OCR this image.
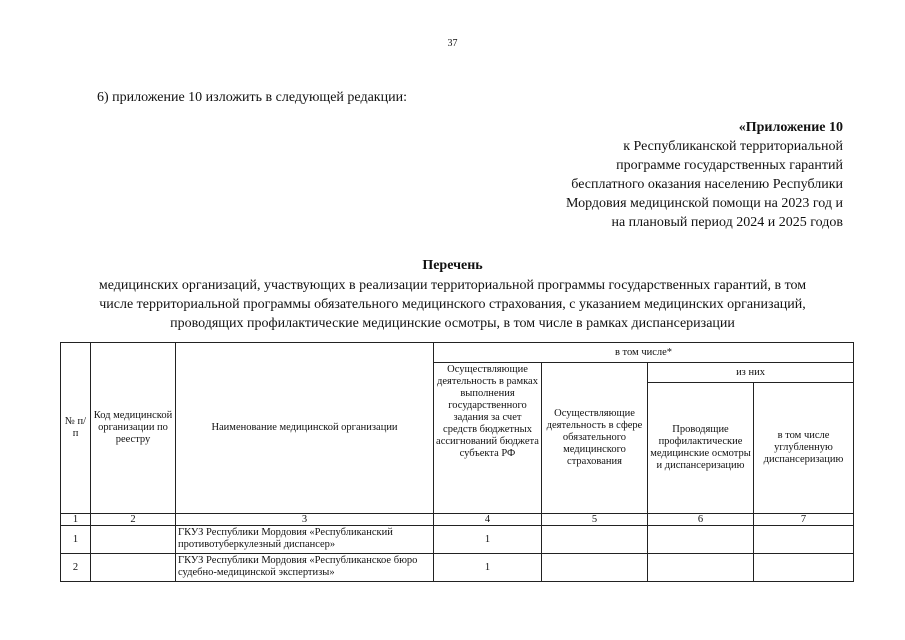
37
6) приложение 10 изложить в следующей редакции:
«Приложение 10
к Республиканской территориальной
программе государственных гарантий
бесплатного оказания населению Республики
Мордовия медицинской помощи на 2023 год и
на плановый период 2024 и 2025 годов
Перечень
медицинских организаций, участвующих в реализации территориальной программы государственных гарантий, в том
числе территориальной программы обязательного медицинского страхования, с указанием медицинских организаций,
проводящих профилактические медицинские осмотры, в том числе в рамках диспансеризации
№ п/п	Код медицинской организации по реестру	Наименование медицинской организации	в том числе*			
			Осуществляющие деятельность в рамках выполнения государственного задания за счет средств бюджетных ассигнований бюджета субъекта РФ	Осуществляющие деятельность в сфере обязательного медицинского страхования	из них	
					Проводящие профилактические медицинские осмотры и диспансеризацию	в том числе углубленную диспансеризацию
1	2	3	4	5	6	7
1		ГКУЗ Республики Мордовия «Республиканский противотуберкулезный диспансер»	1			
2		ГКУЗ Республики Мордовия «Республиканское бюро судебно-медицинской экспертизы»	1			
